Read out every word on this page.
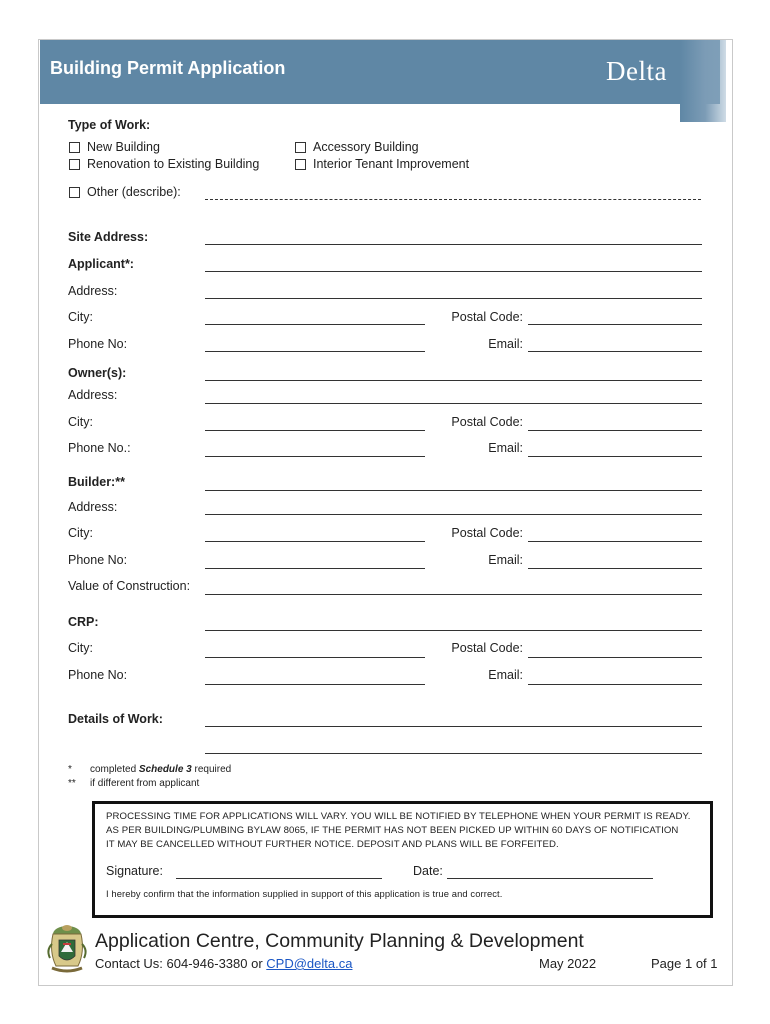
Building Permit Application	Delta
Type of Work:
New Building	Accessory Building
Renovation to Existing Building	Interior Tenant Improvement
Other (describe):
Site Address:
Applicant*:
Address:
City:	Postal Code:
Phone No:	Email:
Owner(s):
Address:
City:	Postal Code:
Phone No.:	Email:
Builder:**
Address:
City:	Postal Code:
Phone No:	Email:
Value of Construction:
CRP:
City:	Postal Code:
Phone No:	Email:
Details of Work:
* completed Schedule 3 required
** if different from applicant
PROCESSING TIME FOR APPLICATIONS WILL VARY. YOU WILL BE NOTIFIED BY TELEPHONE WHEN YOUR PERMIT IS READY.
AS PER BUILDING/PLUMBING BYLAW 8065, IF THE PERMIT HAS NOT BEEN PICKED UP WITHIN 60 DAYS OF NOTIFICATION
IT MAY BE CANCELLED WITHOUT FURTHER NOTICE. DEPOSIT AND PLANS WILL BE FORFEITED.
Signature:	Date:
I hereby confirm that the information supplied in support of this application is true and correct.
Application Centre, Community Planning & Development
Contact Us: 604-946-3380 or CPD@delta.ca	May 2022	Page 1 of 1
